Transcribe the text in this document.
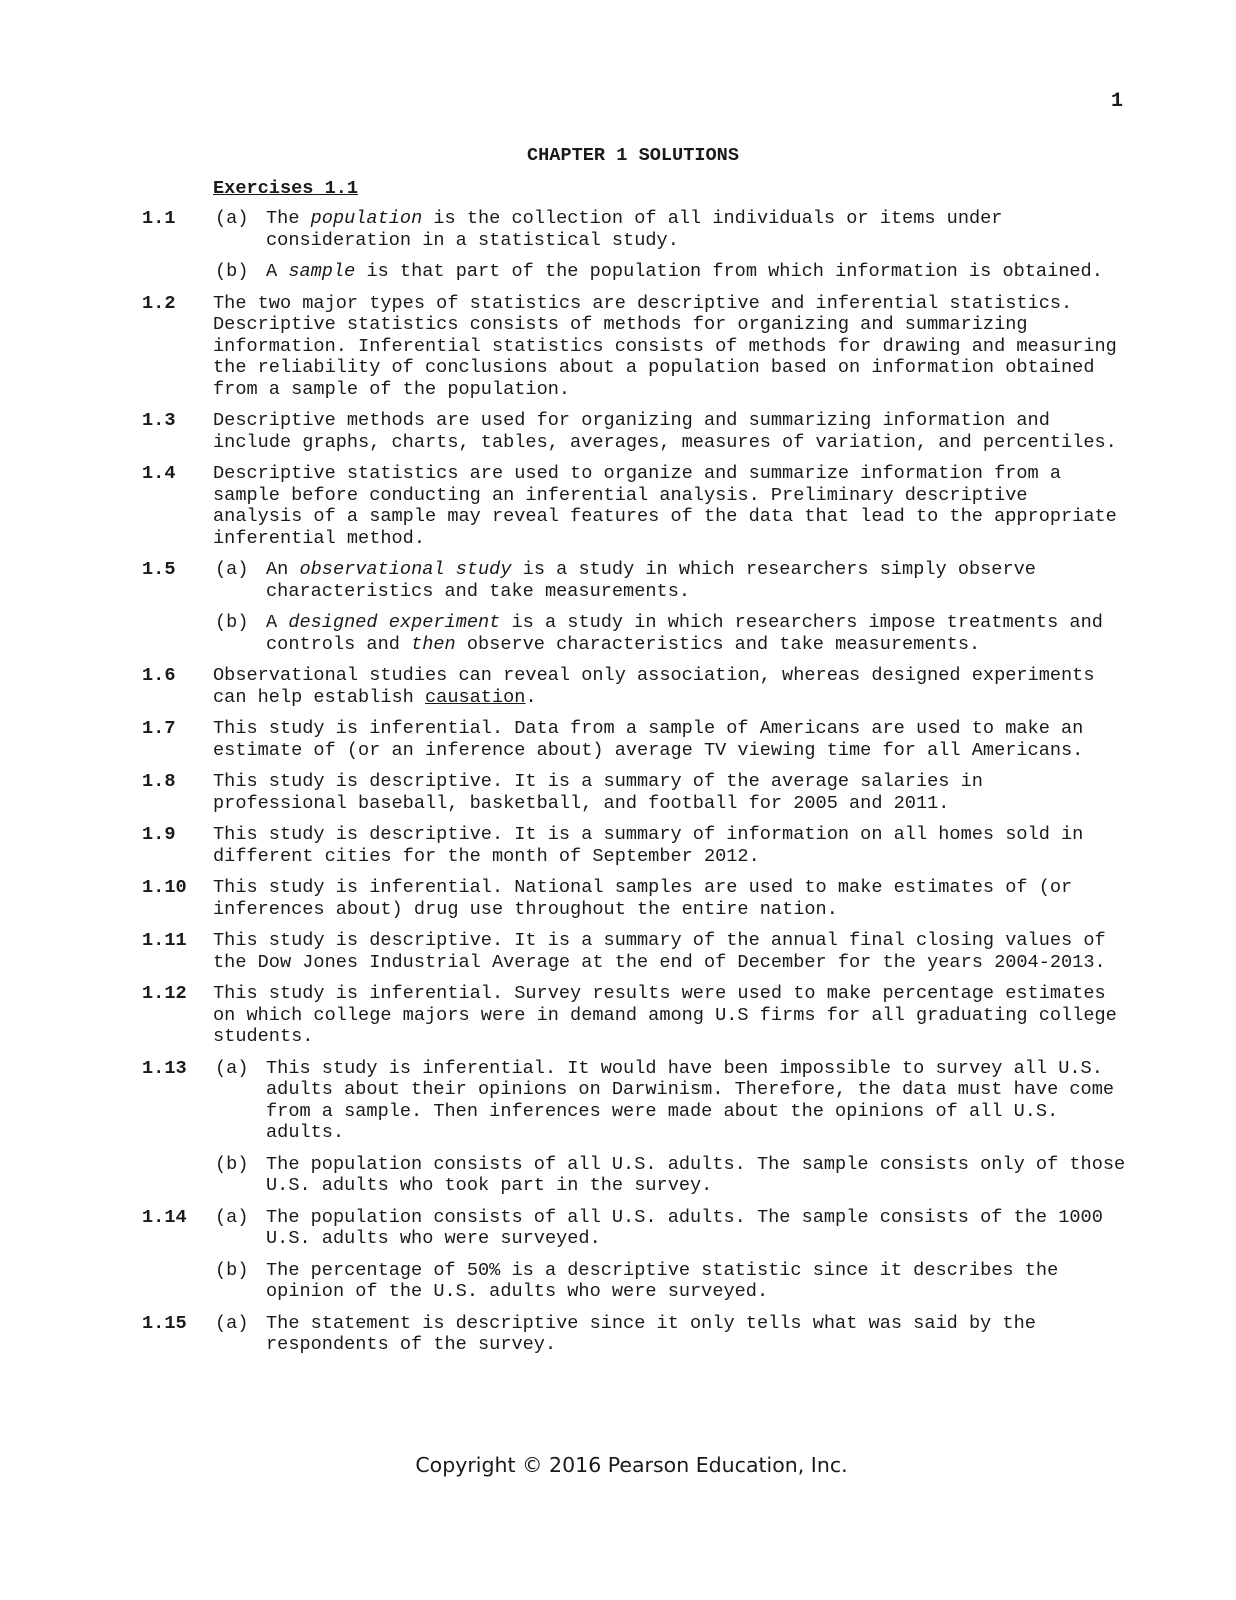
1
CHAPTER 1 SOLUTIONS
Exercises 1.1
1.1 (a) The population is the collection of all individuals or items under consideration in a statistical study.
(b) A sample is that part of the population from which information is obtained.
1.2 The two major types of statistics are descriptive and inferential statistics. Descriptive statistics consists of methods for organizing and summarizing information. Inferential statistics consists of methods for drawing and measuring the reliability of conclusions about a population based on information obtained from a sample of the population.
1.3 Descriptive methods are used for organizing and summarizing information and include graphs, charts, tables, averages, measures of variation, and percentiles.
1.4 Descriptive statistics are used to organize and summarize information from a sample before conducting an inferential analysis. Preliminary descriptive analysis of a sample may reveal features of the data that lead to the appropriate inferential method.
1.5 (a) An observational study is a study in which researchers simply observe characteristics and take measurements.
(b) A designed experiment is a study in which researchers impose treatments and controls and then observe characteristics and take measurements.
1.6 Observational studies can reveal only association, whereas designed experiments can help establish causation.
1.7 This study is inferential. Data from a sample of Americans are used to make an estimate of (or an inference about) average TV viewing time for all Americans.
1.8 This study is descriptive. It is a summary of the average salaries in professional baseball, basketball, and football for 2005 and 2011.
1.9 This study is descriptive. It is a summary of information on all homes sold in different cities for the month of September 2012.
1.10 This study is inferential. National samples are used to make estimates of (or inferences about) drug use throughout the entire nation.
1.11 This study is descriptive. It is a summary of the annual final closing values of the Dow Jones Industrial Average at the end of December for the years 2004-2013.
1.12 This study is inferential. Survey results were used to make percentage estimates on which college majors were in demand among U.S firms for all graduating college students.
1.13 (a) This study is inferential. It would have been impossible to survey all U.S. adults about their opinions on Darwinism. Therefore, the data must have come from a sample. Then inferences were made about the opinions of all U.S. adults.
(b) The population consists of all U.S. adults. The sample consists only of those U.S. adults who took part in the survey.
1.14 (a) The population consists of all U.S. adults. The sample consists of the 1000 U.S. adults who were surveyed.
(b) The percentage of 50% is a descriptive statistic since it describes the opinion of the U.S. adults who were surveyed.
1.15 (a) The statement is descriptive since it only tells what was said by the respondents of the survey.
Copyright © 2016 Pearson Education, Inc.
